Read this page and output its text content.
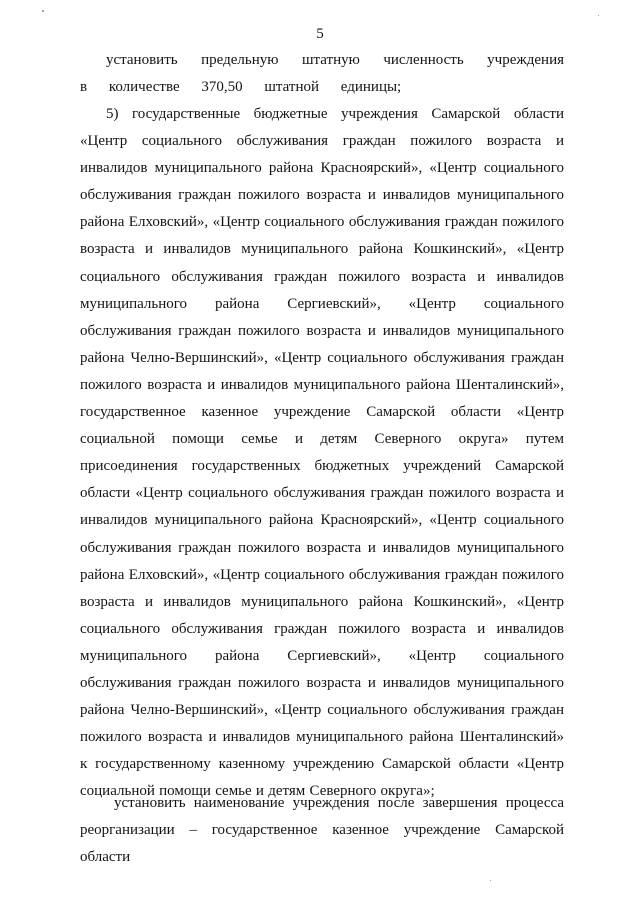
5

установить предельную штатную численность учреждения в количестве 370,50 штатной единицы;

5) государственные бюджетные учреждения Самарской области «Центр социального обслуживания граждан пожилого возраста и инвалидов муниципального района Красноярский», «Центр социального обслуживания граждан пожилого возраста и инвалидов муниципального района Елховский», «Центр социального обслуживания граждан пожилого возраста и инвалидов муниципального района Кошкинский», «Центр социального обслуживания граждан пожилого возраста и инвалидов муниципального района Сергиевский», «Центр социального обслуживания граждан пожилого возраста и инвалидов муниципального района Челно-Вершинский», «Центр социального обслуживания граждан пожилого возраста и инвалидов муниципального района Шенталинский», государственное казенное учреждение Самарской области «Центр социальной помощи семье и детям Северного округа» путем присоединения государственных бюджетных учреждений Самарской области «Центр социального обслуживания граждан пожилого возраста и инвалидов муниципального района Красноярский», «Центр социального обслуживания граждан пожилого возраста и инвалидов муниципального района Елховский», «Центр социального обслуживания граждан пожилого возраста и инвалидов муниципального района Кошкинский», «Центр социального обслуживания граждан пожилого возраста и инвалидов муниципального района Сергиевский», «Центр социального обслуживания граждан пожилого возраста и инвалидов муниципального района Челно-Вершинский», «Центр социального обслуживания граждан пожилого возраста и инвалидов муниципального района Шенталинский» к государственному казенному учреждению Самарской области «Центр социальной помощи семье и детям Северного округа»;

установить наименование учреждения после завершения процесса реорганизации – государственное казенное учреждение Самарской области
